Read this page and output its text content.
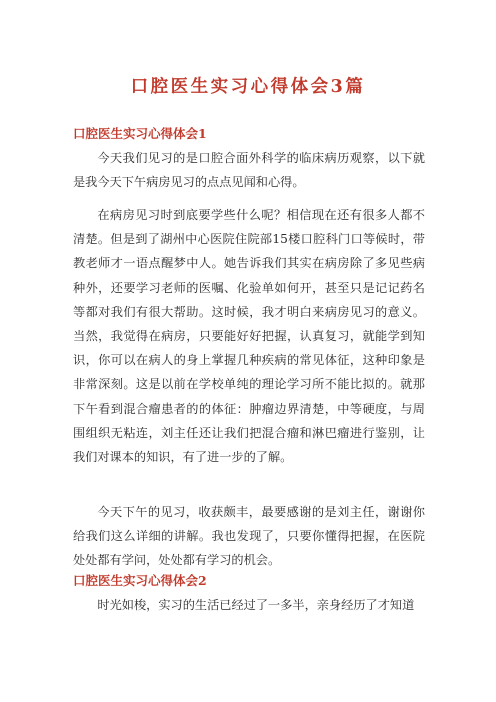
口腔医生实习心得体会3篇
口腔医生实习心得体会1

今天我们见习的是口腔合面外科学的临床病历观察，以下就是我今天下午病房见习的点点见闻和心得。

在病房见习时到底要学些什么呢？相信现在还有很多人都不清楚。但是到了湖州中心医院住院部15楼口腔科门口等候时，带教老师才一语点醒梦中人。她告诉我们其实在病房除了多见些病种外，还要学习老师的医嘱、化验单如何开，甚至只是记记药名等都对我们有很大帮助。这时候，我才明白来病房见习的意义。当然，我觉得在病房，只要能好好把握，认真复习，就能学到知识，你可以在病人的身上掌握几种疾病的常见体征，这种印象是非常深刻。这是以前在学校单纯的理论学习所不能比拟的。就那下午看到混合瘤患者的的体征：肿瘤边界清楚，中等硬度，与周围组织无粘连，刘主任还让我们把混合瘤和淋巴瘤进行鉴别，让我们对课本的知识，有了进一步的了解。

今天下午的见习，收获颇丰，最要感谢的是刘主任，谢谢你给我们这么详细的讲解。我也发现了，只要你懂得把握，在医院处处都有学问，处处都有学习的机会。

口腔医生实习心得体会2

时光如梭，实习的生活已经过了一多半，亲身经历了才知道
